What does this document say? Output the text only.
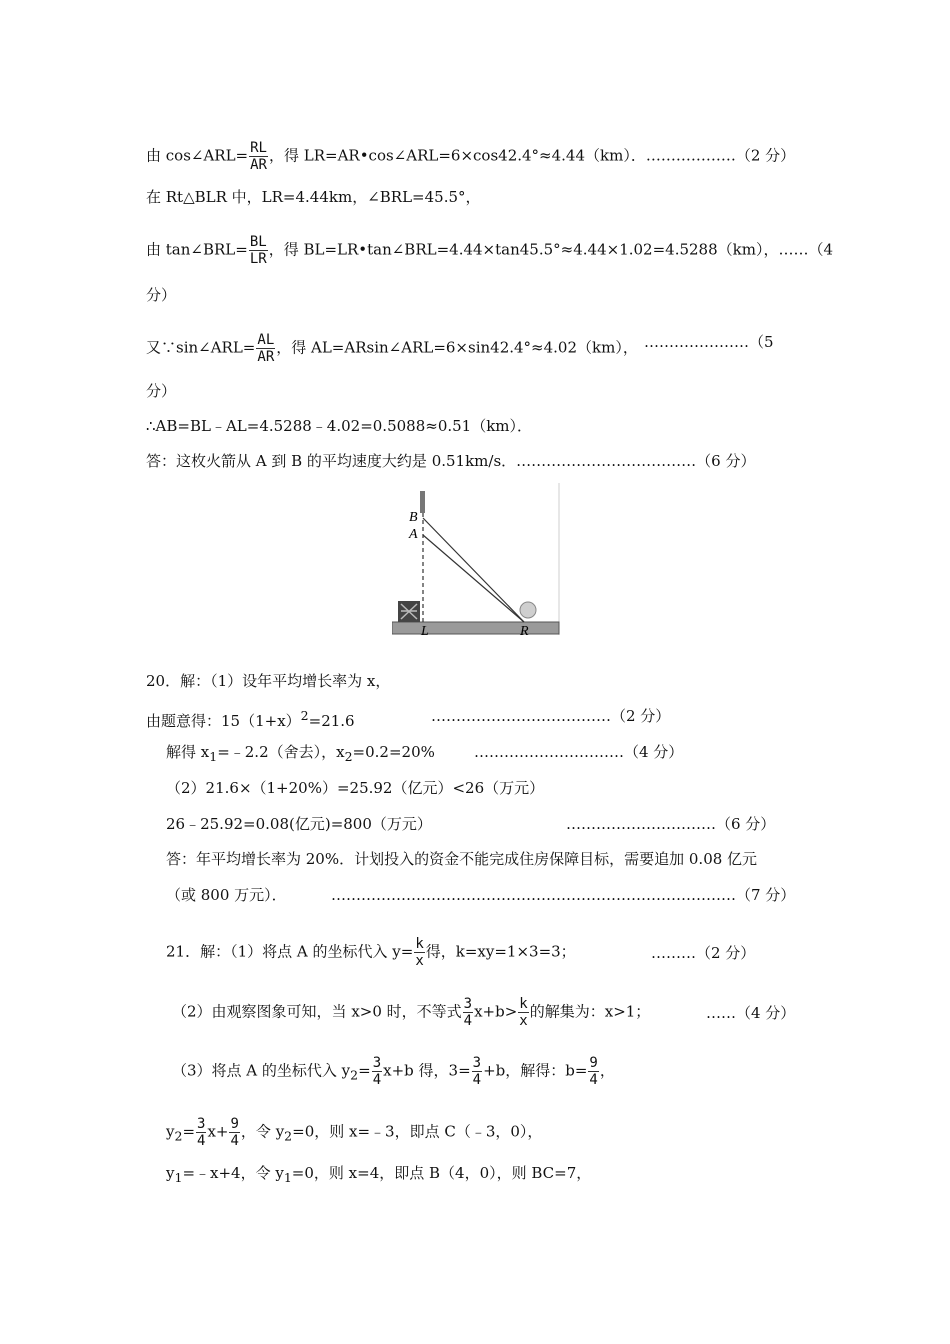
由 cos∠ARL= $\frac{RL}{AR}$ ，得 LR=AR•cos∠ARL=6×cos42.4°≈4.44（km）．………………（2 分）
在 Rt△BLR 中，LR=4.44km，∠BRL=45.5°，
由 tan∠BRL= $\frac{BL}{LR}$ ，得 BL=LR•tan∠BRL=4.44×tan45.5°≈4.44×1.02=4.5288（km），……（4
分）
又∵sin∠ARL= $\frac{AL}{AR}$ ，得 AL=ARsin∠ARL=6×sin42.4°≈4.02（km）， …………………（5
分）
∴AB=BL﹣AL=4.5288﹣4.02=0.5088≈0.51（km）．
答：这枚火箭从 A 到 B 的平均速度大约是 0.51km/s．………………………………（6 分）
B
A
L	R
20．解：（1）设年平均增长率为 x，
由题意得：$15(1+x)^2=21.6$	………………………………（2 分）
解得 $x_1=﹣2.2$（舍去），$x_2=0.2=20\%$	…………………………（4 分）
（2）21.6×（1+20%）=25.92（亿元）<26（万元）
26﹣25.92=0.08(亿元)=800（万元）	…………………………（6 分）
答：年平均增长率为 20%．计划投入的资金不能完成住房保障目标，需要追加 0.08 亿元
（或 800 万元）．	………………………………………………………………………（7 分）
21．解：（1）将点 A 的坐标代入 $y= \frac{k}{x}$ 得，k=xy=1×3=3；	………（2 分）
（2）由观察图象可知，当 x>0 时，不等式 $\frac{3}{4} x+b> \frac{k}{x}$ 的解集为：x>1；	……（4 分）
（3）将点 A 的坐标代入 $y_2= \frac{3}{4} x+b$ 得，$3= \frac{3}{4} +b$，解得：$b= \frac{9}{4}$ ，
$y_2= \frac{3}{4} x+ \frac{9}{4}$ ，令 $y_2=0$，则 x=﹣3，即点 C（﹣3，0），
$y_1=﹣x+4$，令 $y_1=0$，则 x=4，即点 B（4，0），则 BC=7，
